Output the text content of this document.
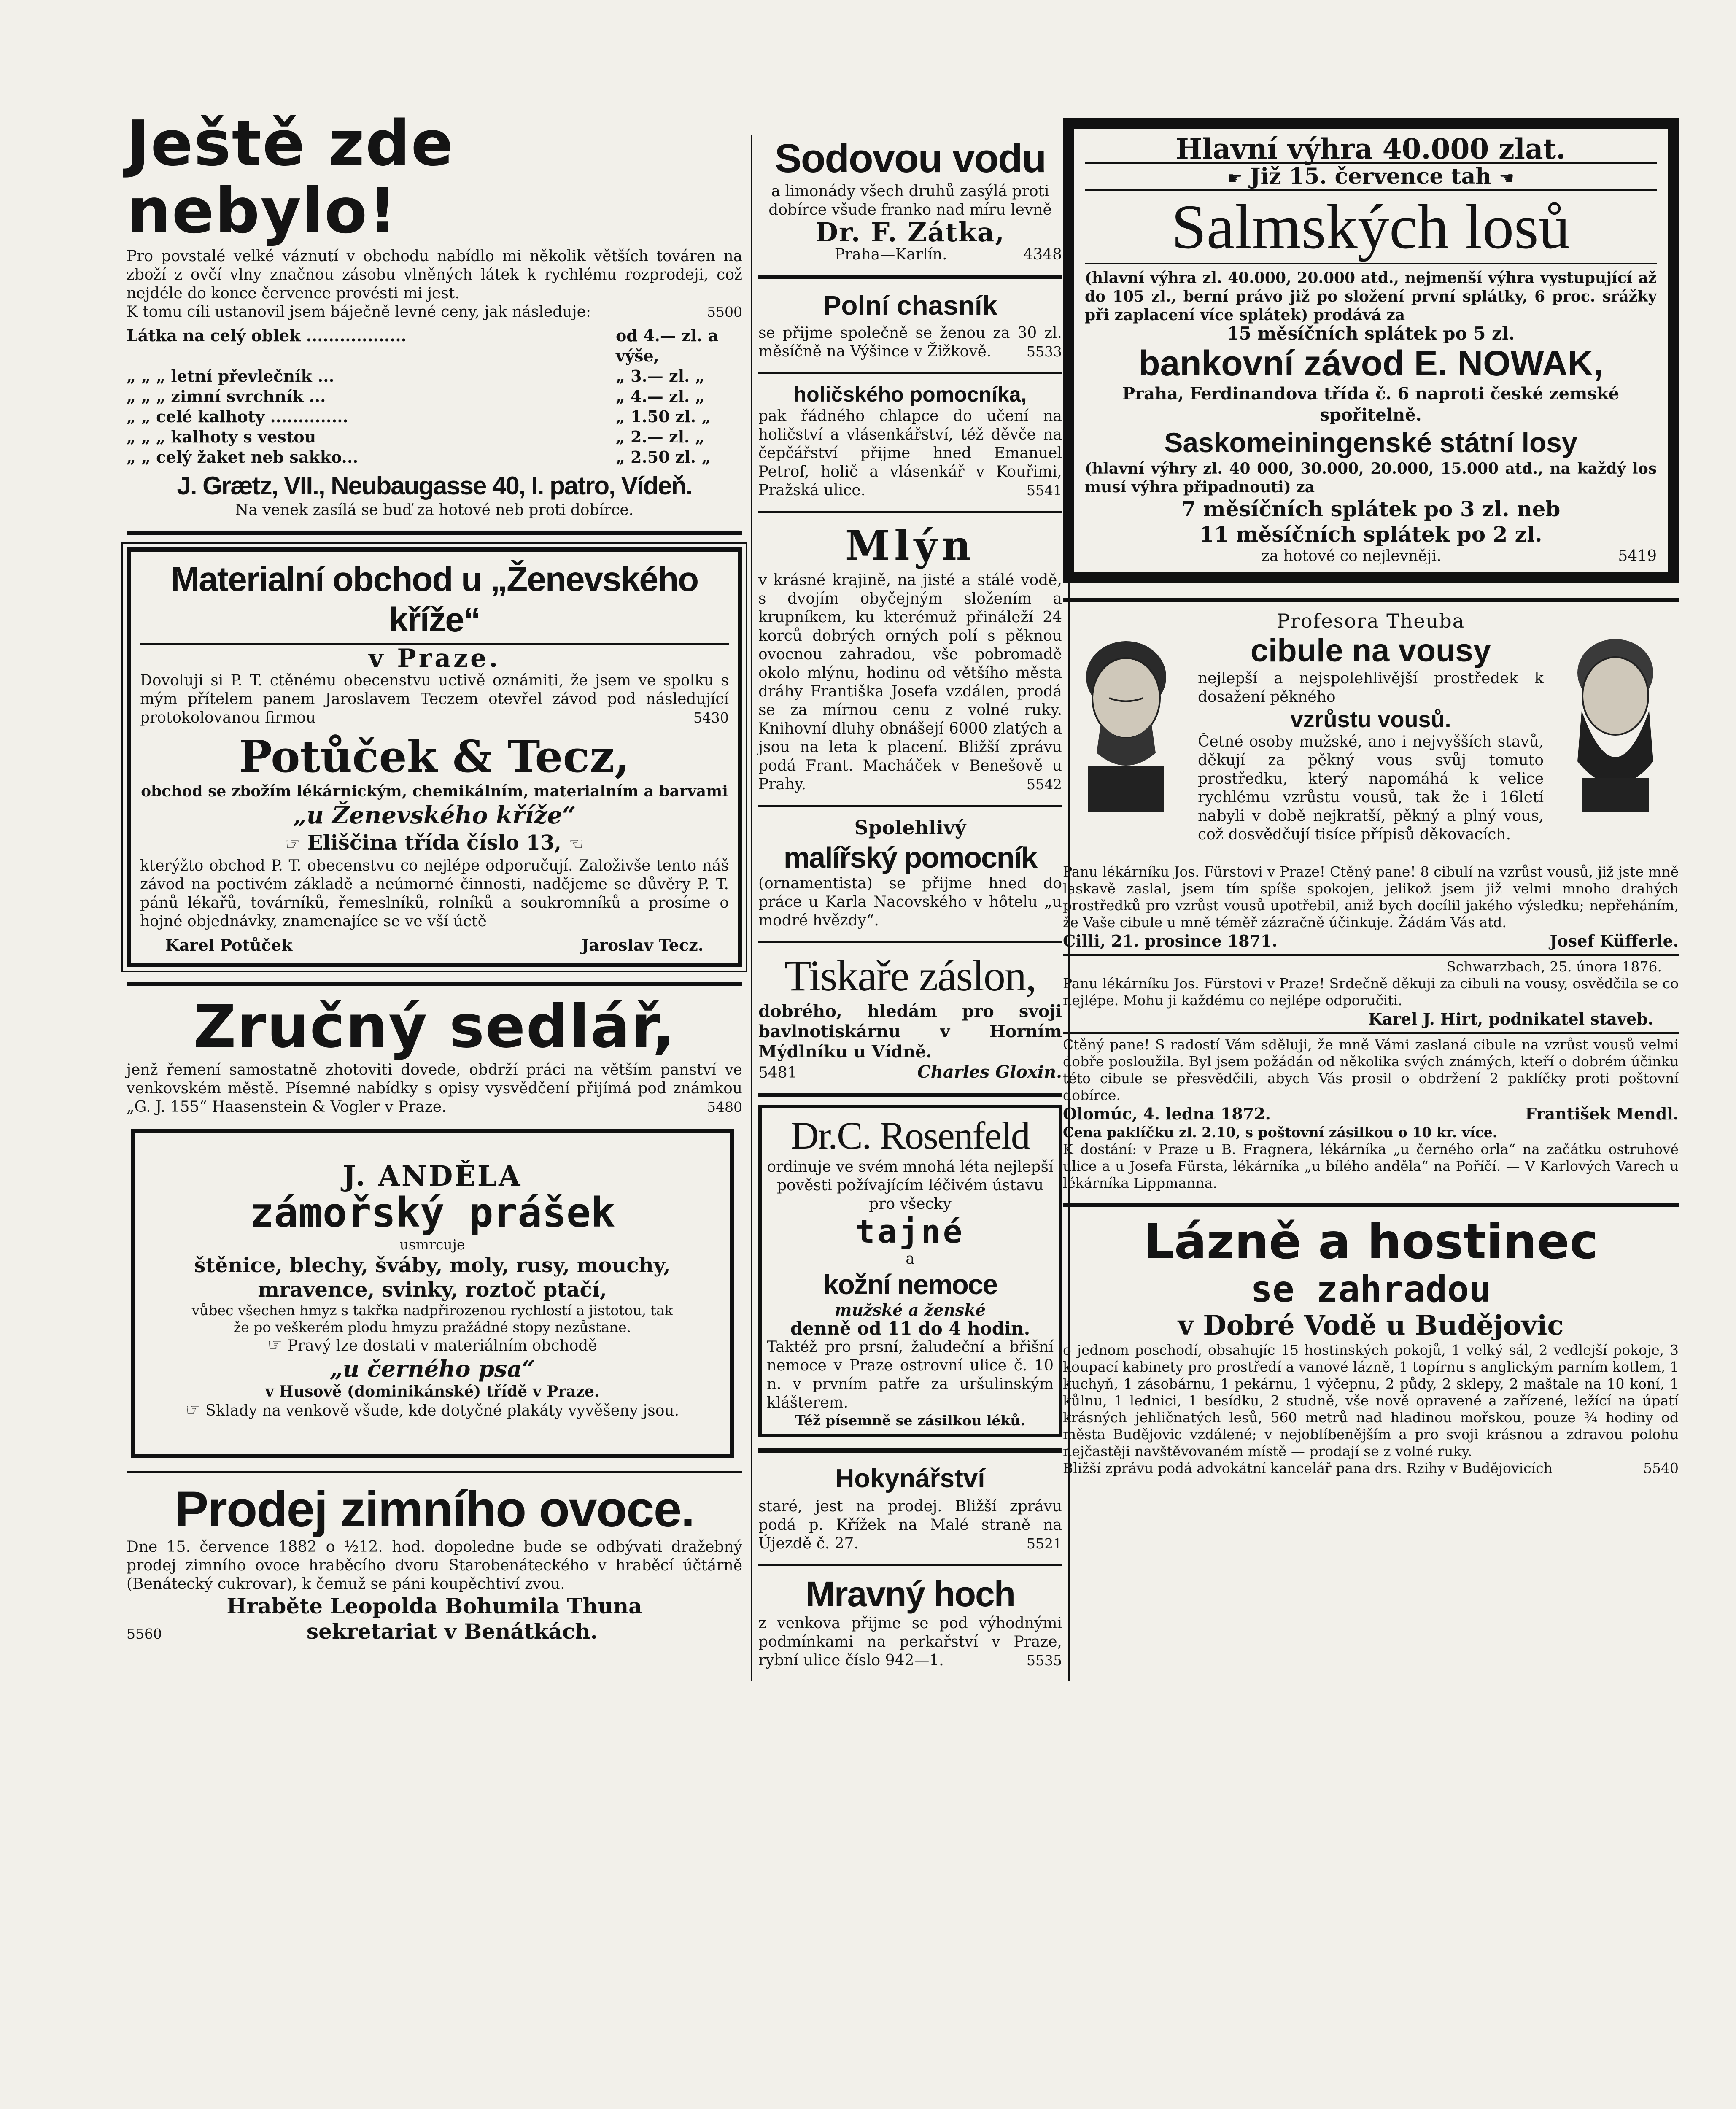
Ještě zde nebylo!

Pro povstalé velké váznutí v obchodu nabídlo mi několik větších továren na zboží z ovčí vlny značnou zásobu vlněných látek k rychlému rozprodeji, což nejdéle do konce července provésti mi jest.

K tomu cíli ustanovil jsem báječně levné ceny, jak následuje:	5500

Látka na celý oblek ..................	od 4.— zl. a výše,
„ „ „ letní převlečník ...	„ 3.— zl. „
„ „ „ zimní svrchník ...	„ 4.— zl. „
„ „ celé kalhoty ..............	„ 1.50 zl. „
„ „ „ kalhoty s vestou	„ 2.— zl. „
„ „ celý žaket neb sakko...	„ 2.50 zl. „
J. Grætz, VII., Neubaugasse 40, I. patro, Vídeň.

Na venek zasílá se buď za hotové neb proti dobírce.

Materialní obchod u „Ženevského kříže“
v Praze.

Dovoluji si P. T. ctěnému obecenstvu uctivě oznámiti, že jsem ve spolku s mým přítelem panem Jaroslavem Teczem otevřel závod pod následující protokolovanou firmou	5430

Potůček & Tecz,

obchod se zbožím lékárnickým, chemikálním, materialním a barvami

„u Ženevského kříže“
☞ Eliščina třída číslo 13, ☜

kterýžto obchod P. T. obecenstvu co nejlépe odporučují. Založivše tento náš závod na poctivém základě a neúmorné činnosti, nadějeme se důvěry P. T. pánů lékařů, továrníků, řemeslníků, rolníků a soukromníků a prosíme o hojné objednávky, znamenajíce se ve vší úctě

Karel Potůček	Jaroslav Tecz.
Zručný sedlář,

jenž řemení samostatně zhotoviti dovede, obdrží práci na větším panství ve venkovském městě. Písemné nabídky s opisy vysvědčení přijímá pod známkou „G. J. 155“ Haasenstein & Vogler v Praze.	5480

J. ANDĚLA
zámořský prášek

usmrcuje

štěnice, blechy, šváby, moly, rusy, mouchy, mravence, svinky, roztoč ptačí,

vůbec všechen hmyz s takřka nadpřirozenou rychlostí a jistotou, tak že po veškerém plodu hmyzu pražádné stopy nezůstane.

☞ Pravý lze dostati v materiálním obchodě

„u černého psa“

v Husově (dominikánské) třídě v Praze.

☞ Sklady na venkově všude, kde dotyčné plakáty vyvěšeny jsou.

Prodej zimního ovoce.

Dne 15. července 1882 o ½12. hod. dopoledne bude se odbývati dražebný prodej zimního ovoce hraběcího dvoru Starobenáteckého v hraběcí účtárně (Benátecký cukrovar), k čemuž se páni koupěchtiví zvou.

Hraběte Leopolda Bohumila Thuna
5560	sekretariat v Benátkách.
Sodovou vodu

a limonády všech druhů zasýlá proti dobírce všude franko nad míru levně

Dr. F. Zátka,
Praha—Karlín.	4348
Polní chasník

se přijme společně se ženou za 30 zl. měsíčně na Výšince v Žižkově.	5533

holičského pomocníka,

pak řádného chlapce do učení na holičství a vlásenkářství, též děvče na čepčářství přijme hned Emanuel Petrof, holič a vlásenkář v Kouřimi, Pražská ulice.	5541

Mlýn

v krásné krajině, na jisté a stálé vodě, s dvojím obyčejným složením a krupníkem, ku kterémuž přináleží 24 korců dobrých orných polí s pěknou ovocnou zahradou, vše pobromadě okolo mlýnu, hodinu od většího města dráhy Františka Josefa vzdálen, prodá se za mírnou cenu z volné ruky. Knihovní dluhy obnášejí 6000 zlatých a jsou na leta k placení. Bližší zprávu podá Frant. Macháček v Benešově u Prahy.	5542

Spolehlivý
malířský pomocník

(ornamentista) se přijme hned do práce u Karla Nacovského v hôtelu „u modré hvězdy“.

Tiskaře záslon,

dobrého, hledám pro svoji bavlnotiskárnu v Horním Mýdlníku u Vídně.

5481	Charles Gloxin.
Dr.C. Rosenfeld

ordinuje ve svém mnohá léta nejlepší pověsti požívajícím léčivém ústavu pro všecky

tajné

a

kožní nemoce
mužské a ženské

denně od 11 do 4 hodin.

Taktéž pro prsní, žaludeční a břišní nemoce v Praze ostrovní ulice č. 10 n. v prvním patře za uršulinským klášterem.

Též písemně se zásilkou léků.

Hokynářství

staré, jest na prodej. Bližší zprávu podá p. Křížek na Malé straně na Újezdě č. 27.	5521

Mravný hoch

z venkova přijme se pod výhodnými podmínkami na perkařství v Praze, rybní ulice číslo 942—1.	5535

Hlavní výhra 40.000 zlat.
☛ Již 15. července tah ☚
Salmských losů

(hlavní výhra zl. 40.000, 20.000 atd., nejmenší výhra vystupující až do 105 zl., berní právo již po složení první splátky, 6 proc. srážky při zaplacení více splátek) prodává za

15 měsíčních splátek po 5 zl.

bankovní závod E. NOWAK,

Praha, Ferdinandova třída č. 6 naproti české zemské spořitelně.

Saskomeiningenské státní losy

(hlavní výhry zl. 40 000, 30.000, 20.000, 15.000 atd., na každý los musí výhra připadnouti) za

7 měsíčních splátek po 3 zl. neb

11 měsíčních splátek po 2 zl.

za hotové co nejlevněji.	5419
Profesora Theuba
cibule na vousy

nejlepší a nejspolehlivější prostředek k dosažení pěkného

vzrůstu vousů.

Četné osoby mužské, ano i nejvyšších stavů, děkují za pěkný vous svůj tomuto prostředku, který napomáhá k velice rychlému vzrůstu vousů, tak že i 16letí nabyli v době nejkratší, pěkný a plný vous, což dosvědčují tisíce přípisů děkovacích.

Panu lékárníku Jos. Fürstovi v Praze! Ctěný pane! 8 cibulí na vzrůst vousů, již jste mně laskavě zaslal, jsem tím spíše spokojen, jelikož jsem již velmi mnoho drahých prostředků pro vzrůst vousů upotřebil, aniž bych docílil jakého výsledku; nepřeháním, že Vaše cibule u mně téměř zázračně účinkuje. Žádám Vás atd.

Cilli, 21. prosince 1871.	Josef Küfferle.

Schwarzbach, 25. února 1876.

Panu lékárníku Jos. Fürstovi v Praze! Srdečně děkuji za cibuli na vousy, osvědčila se co nejlépe. Mohu ji každému co nejlépe odporučiti.

Karel J. Hirt, podnikatel staveb.

Ctěný pane! S radostí Vám sděluji, že mně Vámi zaslaná cibule na vzrůst vousů velmi dobře posloužila. Byl jsem požádán od několika svých známých, kteří o dobrém účinku této cibule se přesvědčili, abych Vás prosil o obdržení 2 paklíčky proti poštovní dobírce.

Olomúc, 4. ledna 1872.	František Mendl.

Cena paklíčku zl. 2.10, s poštovní zásilkou o 10 kr. více.

K dostání: v Praze u B. Fragnera, lékárníka „u černého orla“ na začátku ostruhové ulice a u Josefa Fürsta, lékárníka „u bílého anděla“ na Poříčí. — V Karlových Varech u lékárníka Lippmanna.

Lázně a hostinec
se zahradou
v Dobré Vodě u Budějovic

o jednom poschodí, obsahujíc 15 hostinských pokojů, 1 velký sál, 2 vedlejší pokoje, 3 koupací kabinety pro prostředí a vanové lázně, 1 topírnu s anglickým parním kotlem, 1 kuchyň, 1 zásobárnu, 1 pekárnu, 1 výčepnu, 2 půdy, 2 sklepy, 2 maštale na 10 koní, 1 kůlnu, 1 lednici, 1 besídku, 2 studně, vše nově opravené a zařízené, ležící na úpatí krásných jehličnatých lesů, 560 metrů nad hladinou mořskou, pouze ¾ hodiny od města Budějovic vzdálené; v nejoblíbenějším a pro svoji krásnou a zdravou polohu nejčastěji navštěvovaném místě — prodají se z volné ruky.

Bližší zprávu podá advokátní kancelář pana drs. Rzihy v Budějovicích	5540
